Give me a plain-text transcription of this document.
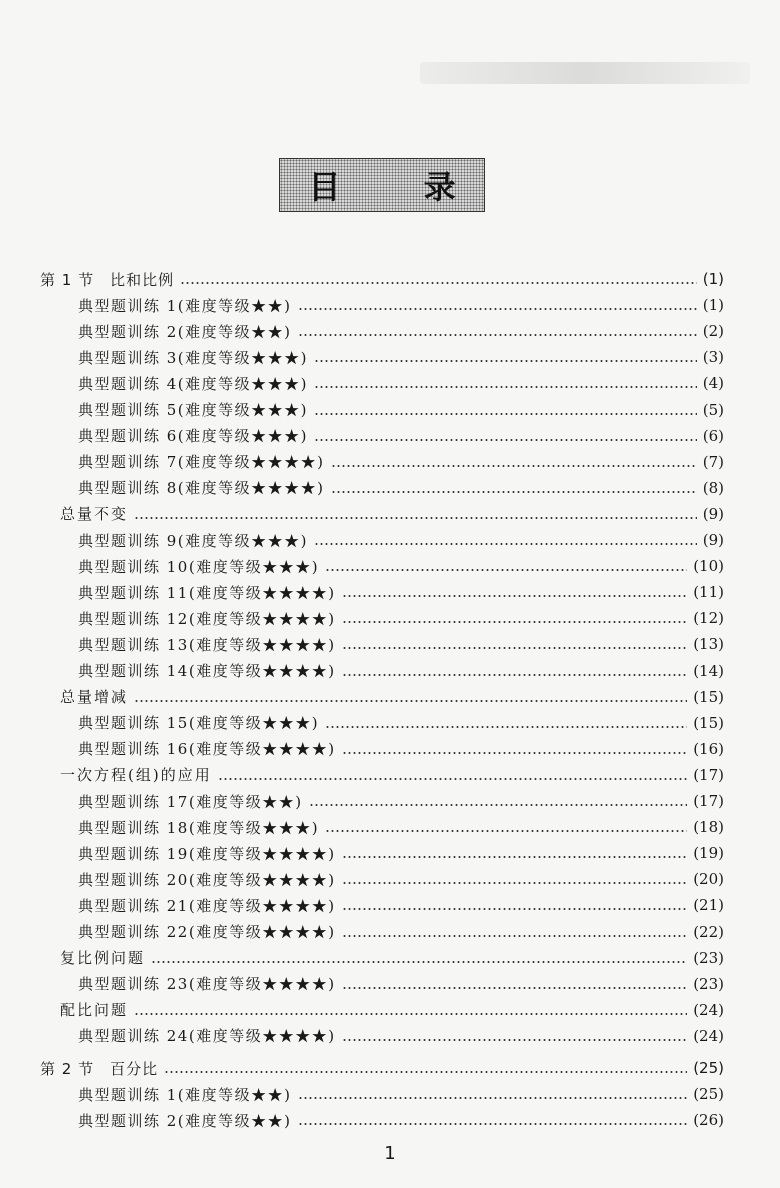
目 录
第 1 节　比和比例	(1)
典型题训练 1(难度等级★★)	(1)
典型题训练 2(难度等级★★)	(2)
典型题训练 3(难度等级★★★)	(3)
典型题训练 4(难度等级★★★)	(4)
典型题训练 5(难度等级★★★)	(5)
典型题训练 6(难度等级★★★)	(6)
典型题训练 7(难度等级★★★★)	(7)
典型题训练 8(难度等级★★★★)	(8)
总量不变	(9)
典型题训练 9(难度等级★★★)	(9)
典型题训练 10(难度等级★★★)	(10)
典型题训练 11(难度等级★★★★)	(11)
典型题训练 12(难度等级★★★★)	(12)
典型题训练 13(难度等级★★★★)	(13)
典型题训练 14(难度等级★★★★)	(14)
总量增减	(15)
典型题训练 15(难度等级★★★)	(15)
典型题训练 16(难度等级★★★★)	(16)
一次方程(组)的应用	(17)
典型题训练 17(难度等级★★)	(17)
典型题训练 18(难度等级★★★)	(18)
典型题训练 19(难度等级★★★★)	(19)
典型题训练 20(难度等级★★★★)	(20)
典型题训练 21(难度等级★★★★)	(21)
典型题训练 22(难度等级★★★★)	(22)
复比例问题	(23)
典型题训练 23(难度等级★★★★)	(23)
配比问题	(24)
典型题训练 24(难度等级★★★★)	(24)
第 2 节　百分比	(25)
典型题训练 1(难度等级★★)	(25)
典型题训练 2(难度等级★★)	(26)
1
